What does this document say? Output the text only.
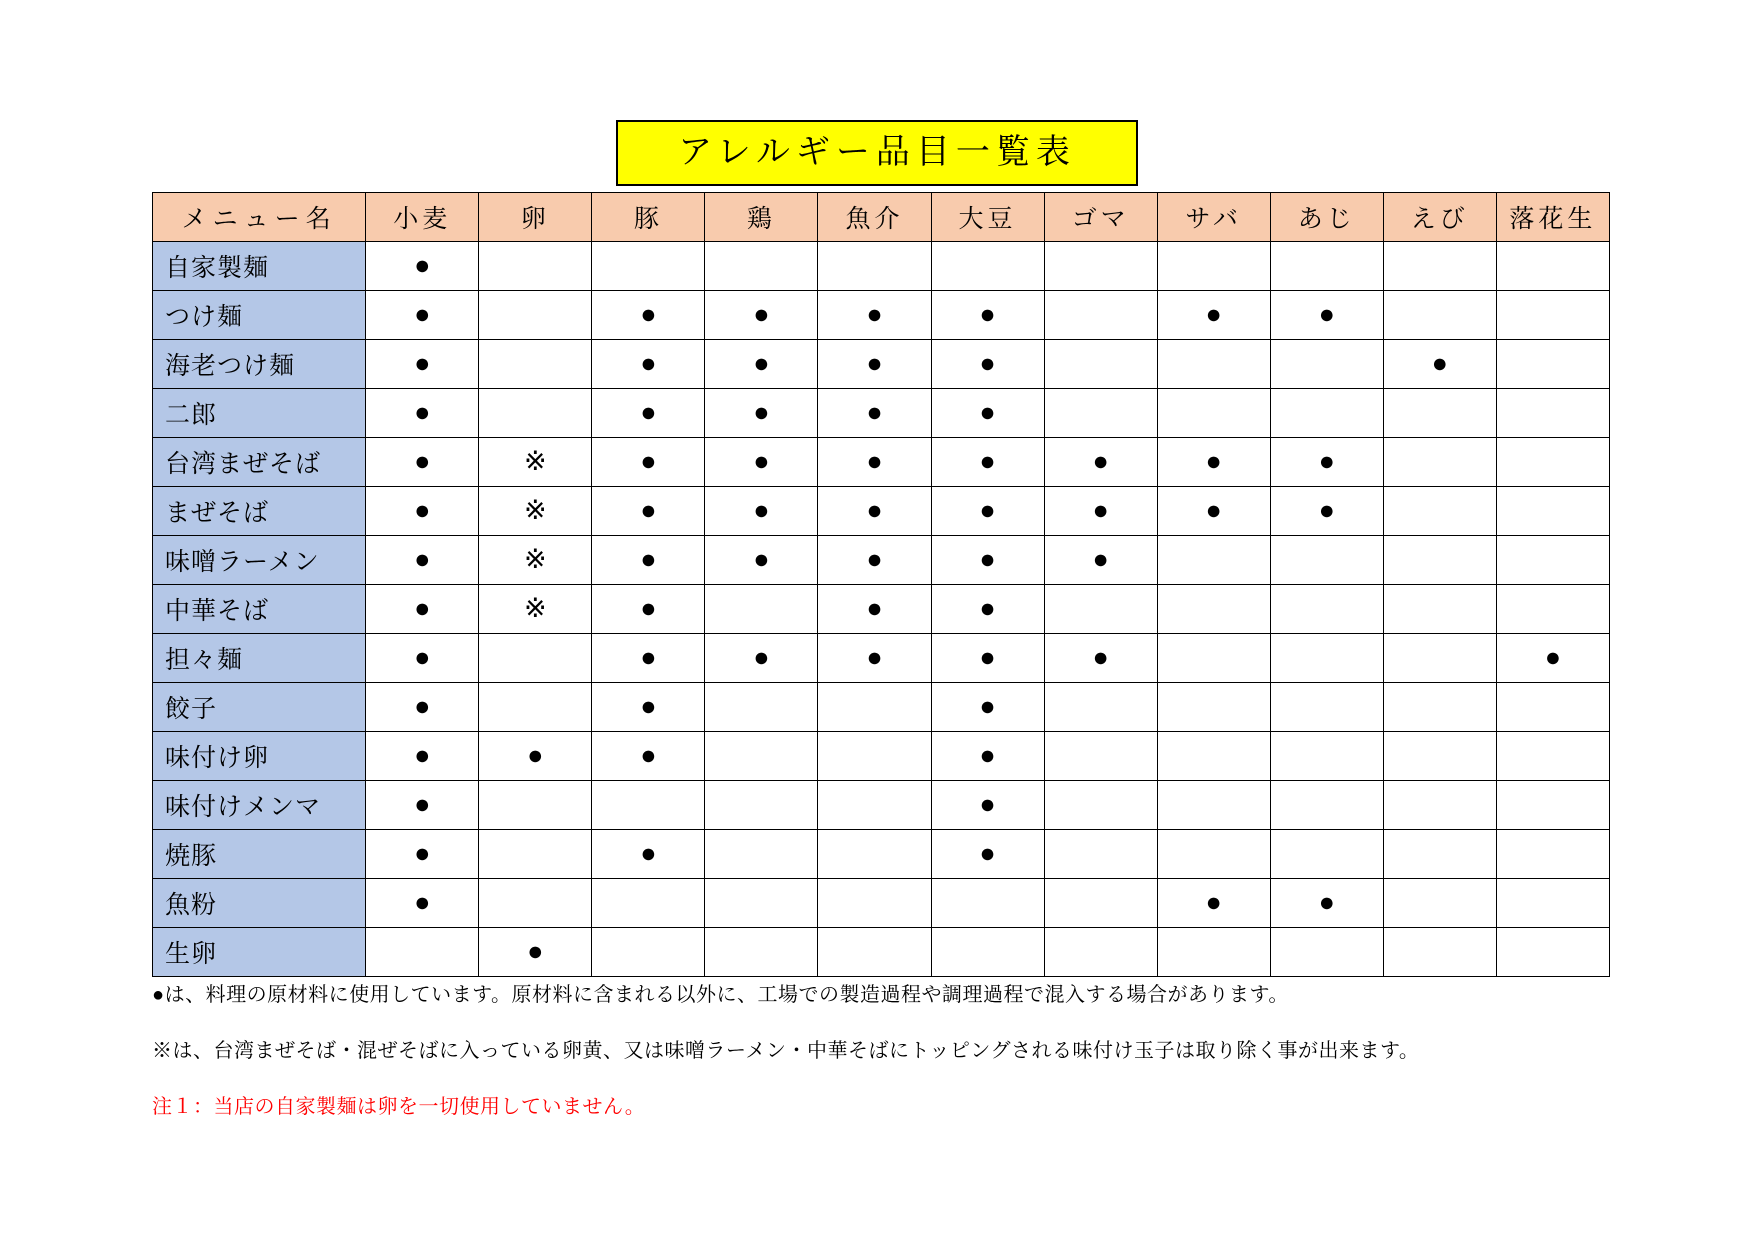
アレルギー品目一覧表
メニュー名	小麦	卵	豚	鶏	魚介	大豆	ゴマ	サバ	あじ	えび	落花生
自家製麺	●										
つけ麺	●		●	●	●	●		●	●		
海老つけ麺	●		●	●	●	●				●	
二郎	●		●	●	●	●					
台湾まぜそば	●	※	●	●	●	●	●	●	●		
まぜそば	●	※	●	●	●	●	●	●	●		
味噌ラーメン	●	※	●	●	●	●	●				
中華そば	●	※	●		●	●					
担々麺	●		●	●	●	●	●				●
餃子	●		●			●					
味付け卵	●	●	●			●					
味付けメンマ	●					●					
焼豚	●		●			●					
魚粉	●							●	●		
生卵		●									
●は、料理の原材料に使用しています。原材料に含まれる以外に、工場での製造過程や調理過程で混入する場合があります。
※は、台湾まぜそば・混ぜそばに入っている卵黄、又は味噌ラーメン・中華そばにトッピングされる味付け玉子は取り除く事が出来ます。
注１：当店の自家製麺は卵を一切使用していません。
